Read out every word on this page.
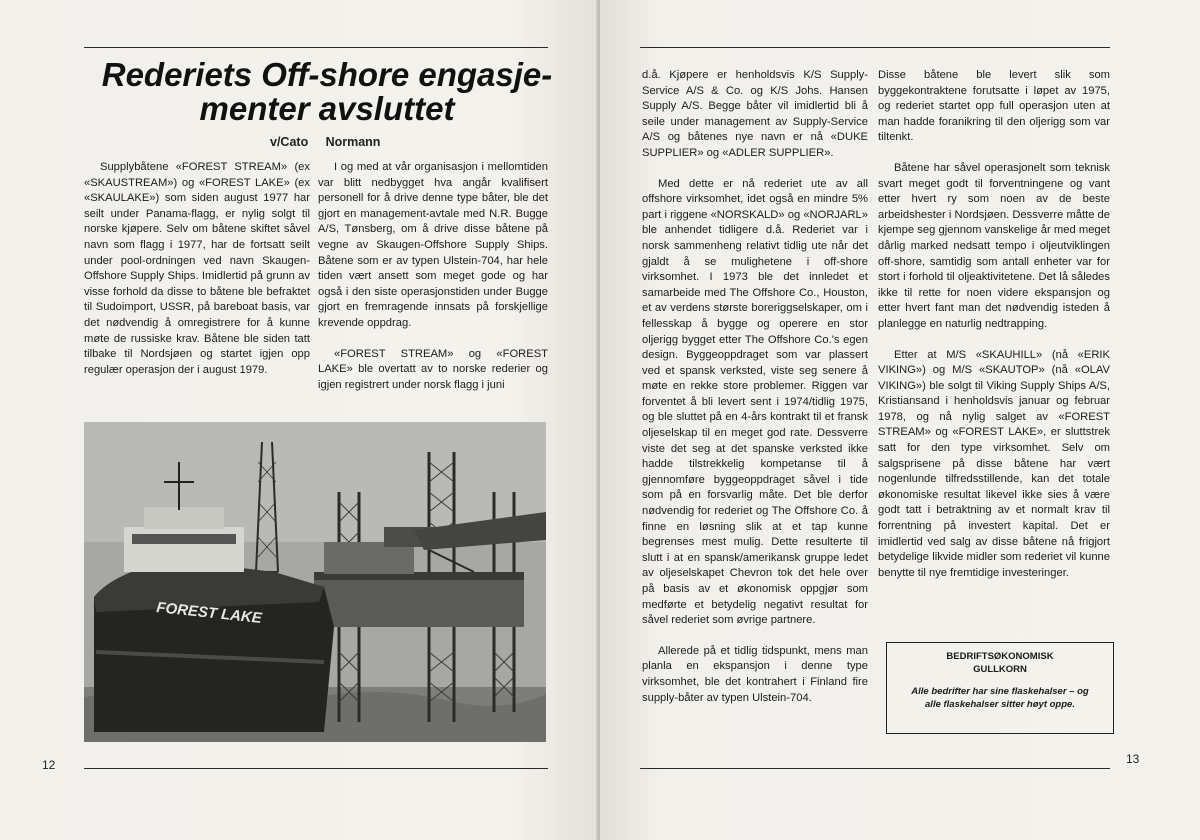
Rederiets Off-shore engasje-
menter avsluttet
v/Cato     Normann

Supplybåtene «FOREST STREAM» (ex «SKAUSTREAM») og «FOREST LAKE» (ex «SKAULAKE») som siden august 1977 har seilt under Panama-flagg, er nylig solgt til norske kjøpere. Selv om båtene skiftet såvel navn som flagg i 1977, har de fortsatt seilt under pool-ordningen ved navn Skaugen-Offshore Supply Ships. Imidlertid på grunn av visse forhold da disse to båtene ble befraktet til Sudoimport, USSR, på bareboat basis, var det nødvendig å omregistrere for å kunne møte de russiske krav. Båtene ble siden tatt tilbake til Nordsjøen og startet igjen opp regulær operasjon der i august 1979.

I og med at vår organisasjon i mellomtiden var blitt nedbygget hva angår kvalifisert personell for å drive denne type båter, ble det gjort en management-avtale med N.R. Bugge A/S, Tønsberg, om å drive disse båtene på vegne av Skaugen-Offshore Supply Ships. Båtene som er av typen Ulstein-704, har hele tiden vært ansett som meget gode og har også i den siste operasjonstiden under Bugge gjort en fremragende innsats på forskjellige krevende oppdrag.

«FOREST STREAM» og «FOREST LAKE» ble overtatt av to norske rederier og igjen registrert under norsk flagg i juni

FOREST LAKE
12

d.å. Kjøpere er henholdsvis K/S Supply-Service A/S & Co. og K/S Johs. Hansen Supply A/S. Begge båter vil imidlertid bli å seile under management av Supply-Service A/S og båtenes nye navn er nå «DUKE SUPPLIER» og «ADLER SUPPLIER».

Med dette er nå rederiet ute av all offshore virksomhet, idet også en mindre 5% part i riggene «NORSKALD» og «NORJARL» ble anhendet tidligere d.å. Rederiet var i norsk sammenheng relativt tidlig ute når det gjaldt å se mulighetene i off-shore virksomhet. I 1973 ble det innledet et samarbeide med The Offshore Co., Houston, et av verdens største boreriggselskaper, om i fellesskap å bygge og operere en stor oljerigg bygget etter The Offshore Co.'s egen design. Byggeoppdraget som var plassert ved et spansk verksted, viste seg senere å møte en rekke store problemer. Riggen var forventet å bli levert sent i 1974/tidlig 1975, og ble sluttet på en 4-års kontrakt til et fransk oljeselskap til en meget god rate. Dessverre viste det seg at det spanske verksted ikke hadde tilstrekkelig kompetanse til å gjennomføre byggeoppdraget såvel i tide som på en forsvarlig måte. Det ble derfor nødvendig for rederiet og The Offshore Co. å finne en løsning slik at et tap kunne begrenses mest mulig. Dette resulterte til slutt i at en spansk/amerikansk gruppe ledet av oljeselskapet Chevron tok det hele over på basis av et økonomisk oppgjør som medførte et betydelig negativt resultat for såvel rederiet som øvrige partnere.

Allerede på et tidlig tidspunkt, mens man planla en ekspansjon i denne type virksomhet, ble det kontrahert i Finland fire supply-båter av typen Ulstein-704.

Disse båtene ble levert slik som byggekontraktene forutsatte i løpet av 1975, og rederiet startet opp full operasjon uten at man hadde foranikring til den oljerigg som var tiltenkt.

Båtene har såvel operasjonelt som teknisk svart meget godt til forventningene og vant etter hvert ry som noen av de beste arbeidshester i Nordsjøen. Dessverre måtte de kjempe seg gjennom vanskelige år med meget dårlig marked nedsatt tempo i oljeutviklingen off-shore, samtidig som antall enheter var for stort i forhold til oljeaktivitetene. Det lå således ikke til rette for noen videre ekspansjon og etter hvert fant man det nødvendig isteden å planlegge en naturlig nedtrapping.

Etter at M/S «SKAUHILL» (nå «ERIK VIKING») og M/S «SKAUTOP» (nå «OLAV VIKING») ble solgt til Viking Supply Ships A/S, Kristiansand i henholdsvis januar og februar 1978, og nå nylig salget av «FOREST STREAM» og «FOREST LAKE», er sluttstrek satt for den type virksomhet. Selv om salgsprisene på disse båtene har vært nogenlunde tilfredsstillende, kan det totale økonomiske resultat likevel ikke sies å være godt tatt i betraktning av et normalt krav til forrentning på investert kapital. Det er imidlertid ved salg av disse båtene nå frigjort betydelige likvide midler som rederiet vil kunne benytte til nye fremtidige investeringer.

13
BEDRIFTSØKONOMISK
GULLKORN
Alle bedrifter har sine flaskehalser – og alle flaskehalser sitter høyt oppe.
